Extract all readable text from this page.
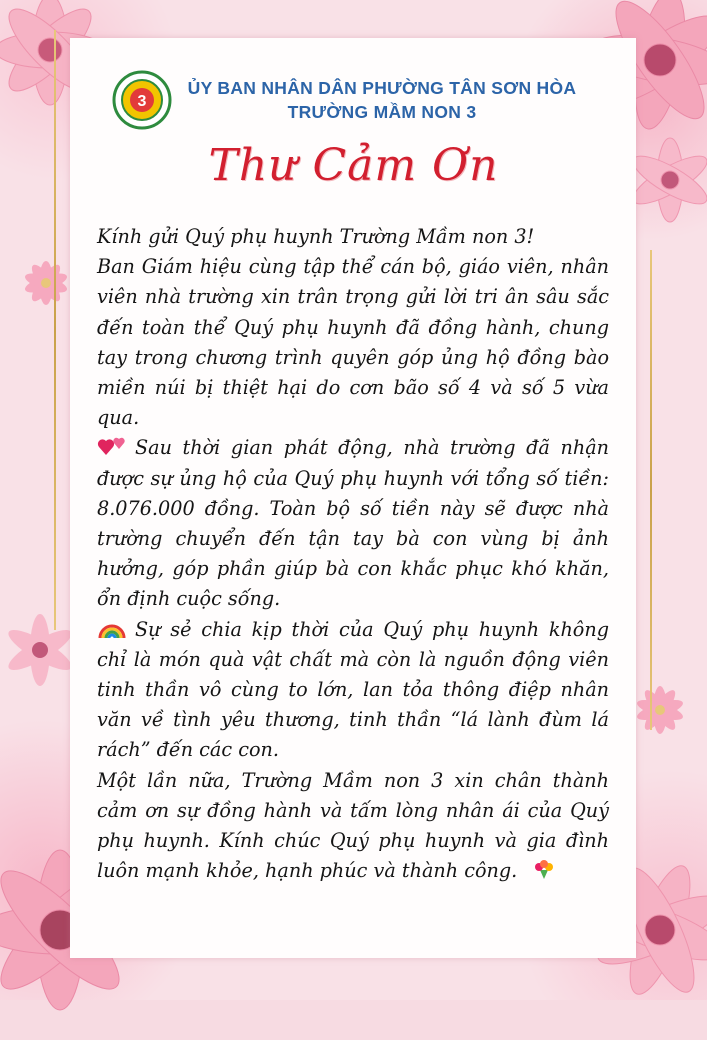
3
ỦY BAN NHÂN DÂN PHƯỜNG TÂN SƠN HÒA
TRƯỜNG MẦM NON 3
Thư Cảm Ơn

Kính gửi Quý phụ huynh Trường Mầm non 3!

Ban Giám hiệu cùng tập thể cán bộ, giáo viên, nhân viên nhà trường xin trân trọng gửi lời tri ân sâu sắc đến toàn thể Quý phụ huynh đã đồng hành, chung tay trong chương trình quyên góp ủng hộ đồng bào miền núi bị thiệt hại do cơn bão số 4 và số 5 vừa qua.

Sau thời gian phát động, nhà trường đã nhận được sự ủng hộ của Quý phụ huynh với tổng số tiền: 8.076.000 đồng. Toàn bộ số tiền này sẽ được nhà trường chuyển đến tận tay bà con vùng bị ảnh hưởng, góp phần giúp bà con khắc phục khó khăn, ổn định cuộc sống.

Sự sẻ chia kịp thời của Quý phụ huynh không chỉ là món quà vật chất mà còn là nguồn động viên tinh thần vô cùng to lớn, lan tỏa thông điệp nhân văn về tình yêu thương, tinh thần “lá lành đùm lá rách” đến các con.

Một lần nữa, Trường Mầm non 3 xin chân thành cảm ơn sự đồng hành và tấm lòng nhân ái của Quý phụ huynh. Kính chúc Quý phụ huynh và gia đình luôn mạnh khỏe, hạnh phúc và thành công.
